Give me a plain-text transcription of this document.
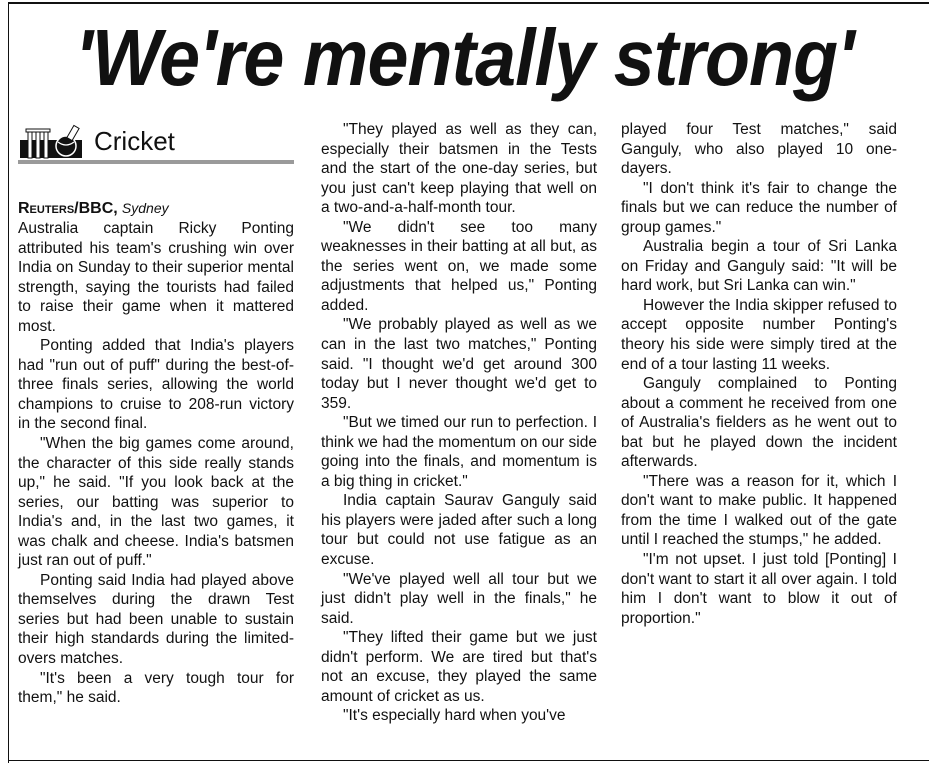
'We're mentally strong'
Cricket

Reuters/BBC, Sydney

Australia captain Ricky Ponting attributed his team's crushing win over India on Sunday to their superior mental strength, saying the tourists had failed to raise their game when it mattered most.

Ponting added that India's players had "run out of puff" during the best-of-three finals series, allowing the world champions to cruise to 208-run victory in the second final.

"When the big games come around, the character of this side really stands up," he said. "If you look back at the series, our batting was superior to India's and, in the last two games, it was chalk and cheese. India's batsmen just ran out of puff."

Ponting said India had played above themselves during the drawn Test series but had been unable to sustain their high standards during the limited-overs matches.

"It's been a very tough tour for them," he said.

"They played as well as they can, especially their batsmen in the Tests and the start of the one-day series, but you just can't keep playing that well on a two-and-a-half-month tour.

"We didn't see too many weaknesses in their batting at all but, as the series went on, we made some adjustments that helped us," Ponting added.

"We probably played as well as we can in the last two matches," Ponting said. "I thought we'd get around 300 today but I never thought we'd get to 359.

"But we timed our run to perfection. I think we had the momentum on our side going into the finals, and momentum is a big thing in cricket."

India captain Saurav Ganguly said his players were jaded after such a long tour but could not use fatigue as an excuse.

"We've played well all tour but we just didn't play well in the finals," he said.

"They lifted their game but we just didn't perform. We are tired but that's not an excuse, they played the same amount of cricket as us.

"It's especially hard when you've

played four Test matches," said Ganguly, who also played 10 one-dayers.

"I don't think it's fair to change the finals but we can reduce the number of group games."

Australia begin a tour of Sri Lanka on Friday and Ganguly said: "It will be hard work, but Sri Lanka can win."

However the India skipper refused to accept opposite number Ponting's theory his side were simply tired at the end of a tour lasting 11 weeks.

Ganguly complained to Ponting about a comment he received from one of Australia's fielders as he went out to bat but he played down the incident afterwards.

"There was a reason for it, which I don't want to make public. It happened from the time I walked out of the gate until I reached the stumps," he added.

"I'm not upset. I just told [Ponting] I don't want to start it all over again. I told him I don't want to blow it out of proportion."
